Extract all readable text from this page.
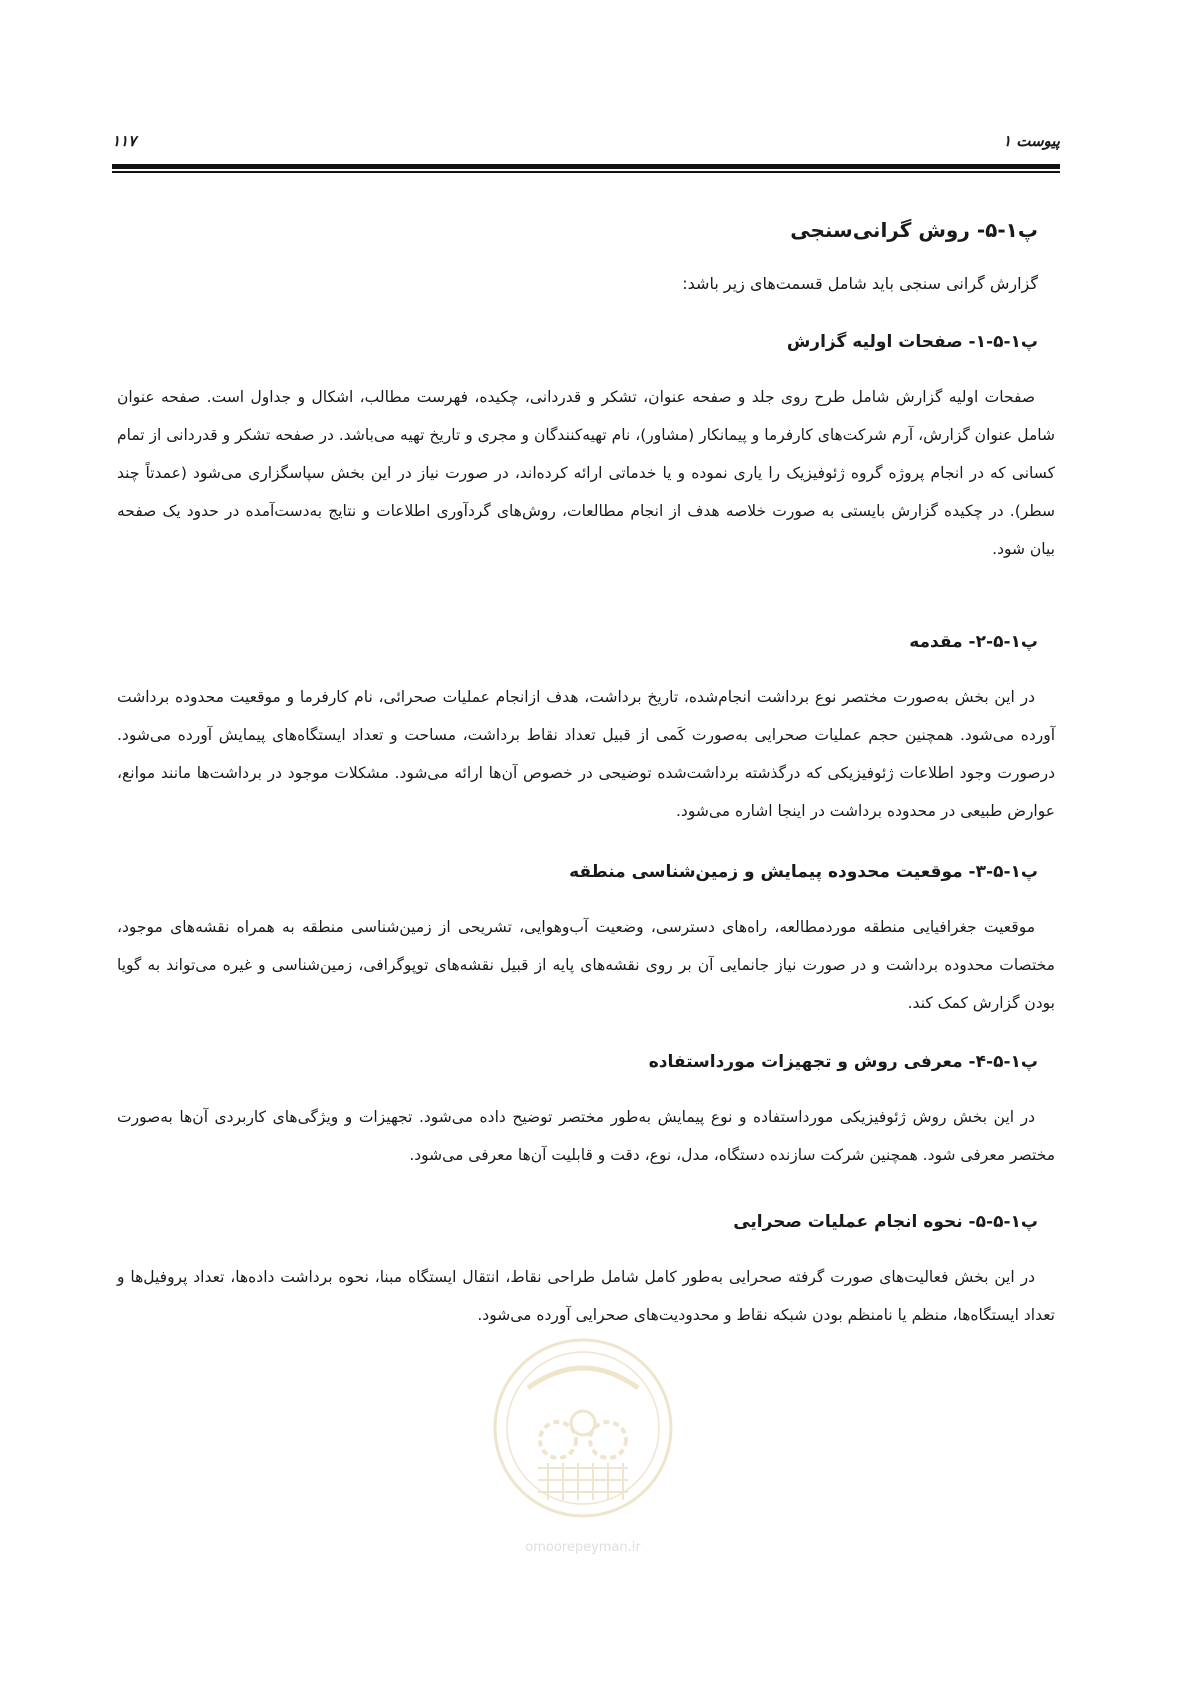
پیوست ۱
۱۱۷
پ۱-۵- روش گرانی‌سنجی
گزارش گرانی سنجی باید شامل قسمت‌های زیر باشد:
پ۱-۵-۱- صفحات اولیه گزارش

صفحات اولیه گزارش شامل طرح روی جلد و صفحه عنوان، تشکر و قدردانی، چکیده، فهرست مطالب، اشکال و جداول است. صفحه عنوان شامل عنوان گزارش، آرم شرکت‌های کارفرما و پیمانکار (مشاور)، نام تهیه‌کنندگان و مجری و تاریخ تهیه می‌باشد. در صفحه تشکر و قدردانی از تمام کسانی که در انجام پروژه گروه ژئوفیزیک را یاری نموده و یا خدماتی ارائه کرده‌اند، در صورت نیاز در این بخش سپاسگزاری می‌شود (عمدتاً چند سطر). در چکیده گزارش بایستی به صورت خلاصه هدف از انجام مطالعات، روش‌های گردآوری اطلاعات و نتایج به‌دست‌آمده در حدود یک صفحه بیان شود.

پ۱-۵-۲- مقدمه

در این بخش به‌صورت مختصر نوع برداشت انجام‌شده، تاریخ برداشت، هدف ازانجام عملیات صحرائی، نام کارفرما و موقعیت محدوده برداشت آورده می‌شود. همچنین حجم عملیات صحرایی به‌صورت کَمی از قبیل تعداد نقاط برداشت، مساحت و تعداد ایستگاه‌های پیمایش آورده می‌شود. درصورت وجود اطلاعات ژئوفیزیکی که درگذشته برداشت‌شده توضیحی در خصوص آن‌ها ارائه می‌شود. مشکلات موجود در برداشت‌ها مانند موانع، عوارض طبیعی در محدوده برداشت در اینجا اشاره می‌شود.

پ۱-۵-۳- موقعیت محدوده پیمایش و زمین‌شناسی منطقه

موقعیت جغرافیایی منطقه موردمطالعه، راه‌های دسترسی، وضعیت آب‌وهوایی، تشریحی از زمین‌شناسی منطقه به همراه نقشه‌های موجود، مختصات محدوده برداشت و در صورت نیاز جانمایی آن بر روی نقشه‌های پایه از قبیل نقشه‌های توپوگرافی، زمین‌شناسی و غیره می‌تواند به گویا بودن گزارش کمک کند.

پ۱-۵-۴- معرفی روش و تجهیزات مورداستفاده

در این بخش روش ژئوفیزیکی مورداستفاده و نوع پیمایش به‌طور مختصر توضیح داده می‌شود. تجهیزات و ویژگی‌های کاربردی آن‌ها به‌صورت مختصر معرفی شود. همچنین شرکت سازنده دستگاه، مدل، نوع، دقت و قابلیت آن‌ها معرفی می‌شود.

پ۱-۵-۵- نحوه انجام عملیات صحرایی

در این بخش فعالیت‌های صورت گرفته صحرایی به‌طور کامل شامل طراحی نقاط، انتقال ایستگاه مبنا، نحوه برداشت داده‌ها، تعداد پروفیل‌ها و تعداد ایستگاه‌ها، منظم یا نامنظم بودن شبکه نقاط و محدودیت‌های صحرایی آورده می‌شود.

omoorepeyman.ir
